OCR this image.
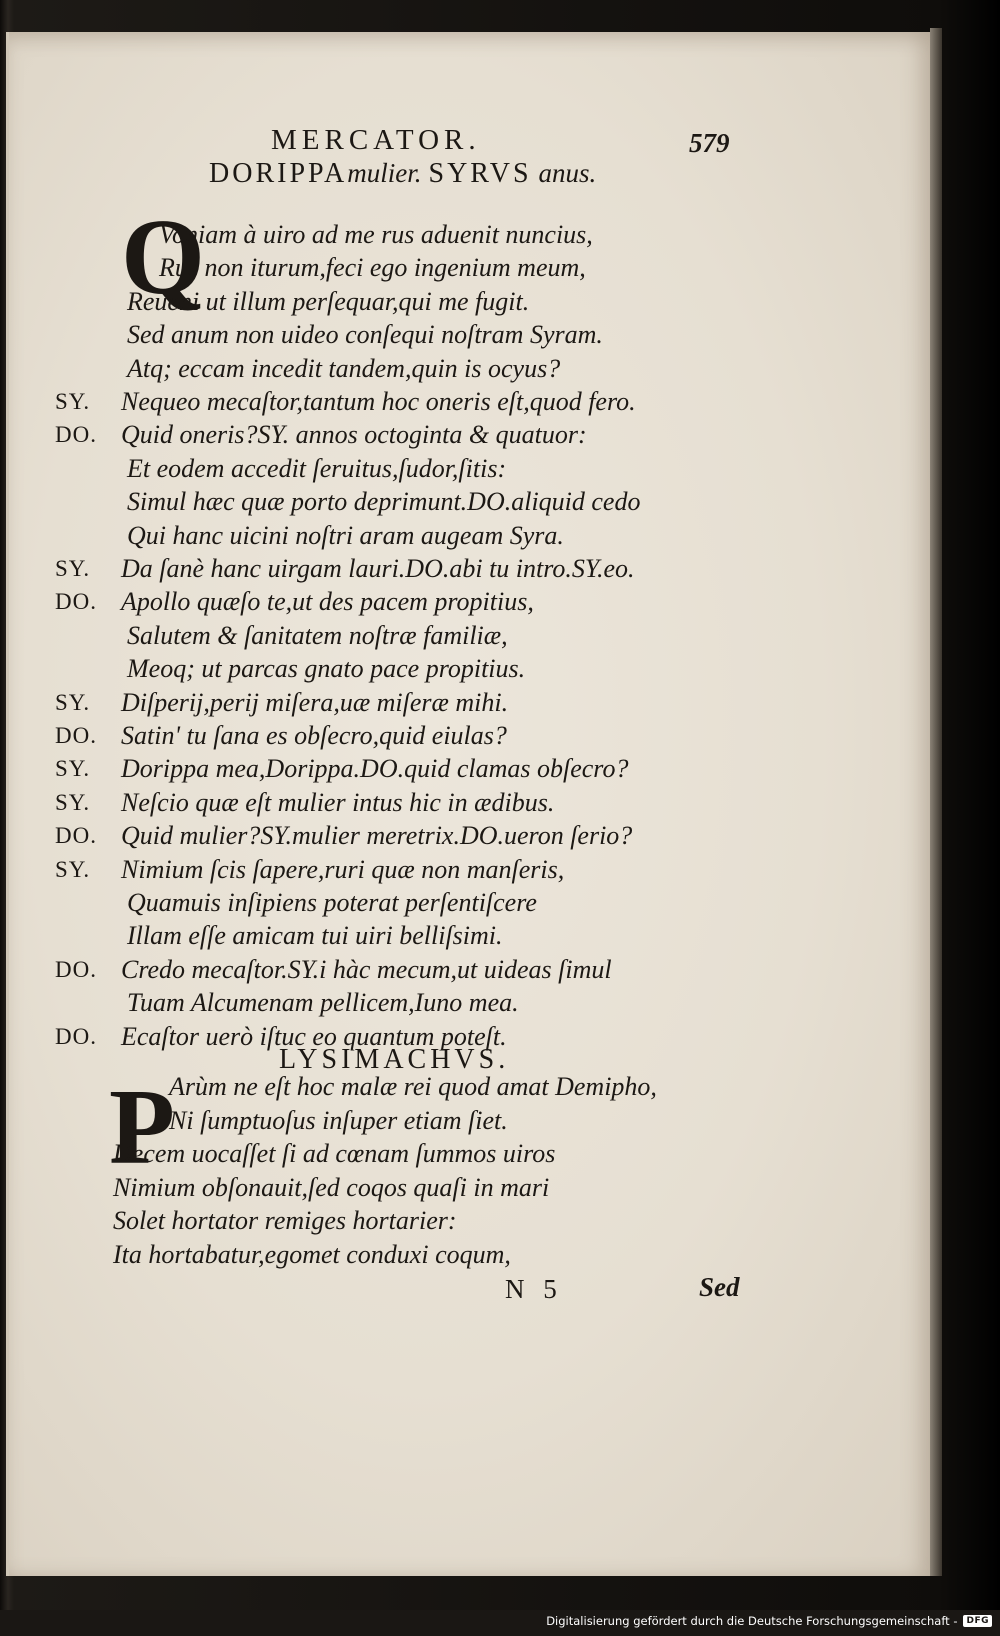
MERCATOR.	579
DORIPPAmulier. SYRVS anus.
Q
Voniam à uiro ad me rus aduenit nuncius,
Rus non iturum,feci ego ingenium meum,
Reueni ut illum perſequar,qui me fugit.
Sed anum non uideo conſequi noſtram Syram.
Atq; eccam incedit tandem,quin is ocyus?
SY. Nequeo mecaſtor,tantum hoc oneris eſt,quod fero.
DO. Quid oneris?SY. annos octoginta & quatuor:
Et eodem accedit ſeruitus,ſudor,ſitis:
Simul hæc quæ porto deprimunt.DO.aliquid cedo
Qui hanc uicini noſtri aram augeam Syra.
SY. Da ſanè hanc uirgam lauri.DO.abi tu intro.SY.eo.
DO. Apollo quæſo te,ut des pacem propitius,
Salutem & ſanitatem noſtræ familiæ,
Meoq; ut parcas gnato pace propitius.
SY. Diſperij,perij miſera,uæ miſeræ mihi.
DO. Satin' tu ſana es obſecro,quid eiulas?
SY. Dorippa mea,Dorippa.DO.quid clamas obſecro?
SY. Neſcio quæ eſt mulier intus hic in ædibus.
DO. Quid mulier?SY.mulier meretrix.DO.ueron ſerio?
SY. Nimium ſcis ſapere,ruri quæ non manſeris,
Quamuis inſipiens poterat perſentiſcere
Illam eſſe amicam tui uiri belliſsimi.
DO. Credo mecaſtor.SY.i hàc mecum,ut uideas ſimul
Tuam Alcumenam pellicem,Iuno mea.
DO. Ecaſtor uerò iſtuc eo quantum poteſt.
LYSIMACHVS.
P
Arùm ne eſt hoc malæ rei quod amat Demipho,
Ni ſumptuoſus inſuper etiam ſiet.
Decem uocaſſet ſi ad cœnam ſummos uiros
Nimium obſonauit,ſed coqos quaſi in mari
Solet hortator remiges hortarier:
Ita hortabatur,egomet conduxi coqum,
N 5	Sed
Digitalisierung gefördert durch die Deutsche Forschungsgemeinschaft -	DFG
